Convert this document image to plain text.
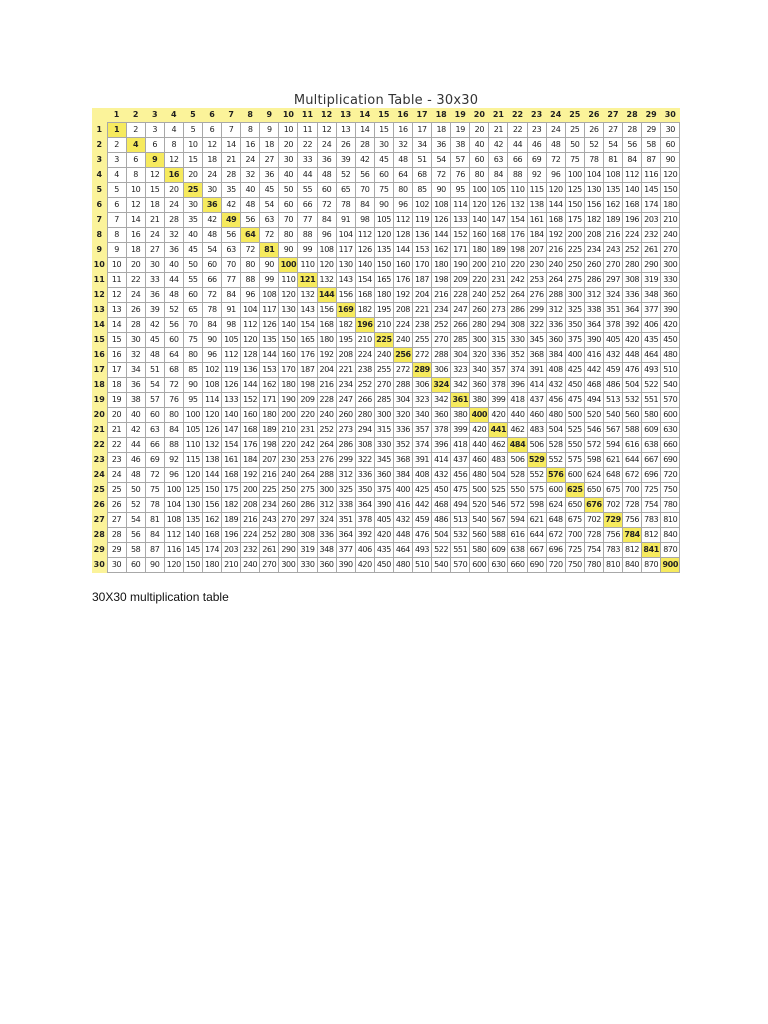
Multiplication Table - 30x30
	1	2	3	4	5	6	7	8	9	10	11	12	13	14	15	16	17	18	19	20	21	22	23	24	25	26	27	28	29	30
1	1	2	3	4	5	6	7	8	9	10	11	12	13	14	15	16	17	18	19	20	21	22	23	24	25	26	27	28	29	30
2	2	4	6	8	10	12	14	16	18	20	22	24	26	28	30	32	34	36	38	40	42	44	46	48	50	52	54	56	58	60
3	3	6	9	12	15	18	21	24	27	30	33	36	39	42	45	48	51	54	57	60	63	66	69	72	75	78	81	84	87	90
4	4	8	12	16	20	24	28	32	36	40	44	48	52	56	60	64	68	72	76	80	84	88	92	96	100	104	108	112	116	120
5	5	10	15	20	25	30	35	40	45	50	55	60	65	70	75	80	85	90	95	100	105	110	115	120	125	130	135	140	145	150
6	6	12	18	24	30	36	42	48	54	60	66	72	78	84	90	96	102	108	114	120	126	132	138	144	150	156	162	168	174	180
7	7	14	21	28	35	42	49	56	63	70	77	84	91	98	105	112	119	126	133	140	147	154	161	168	175	182	189	196	203	210
8	8	16	24	32	40	48	56	64	72	80	88	96	104	112	120	128	136	144	152	160	168	176	184	192	200	208	216	224	232	240
9	9	18	27	36	45	54	63	72	81	90	99	108	117	126	135	144	153	162	171	180	189	198	207	216	225	234	243	252	261	270
10	10	20	30	40	50	60	70	80	90	100	110	120	130	140	150	160	170	180	190	200	210	220	230	240	250	260	270	280	290	300
11	11	22	33	44	55	66	77	88	99	110	121	132	143	154	165	176	187	198	209	220	231	242	253	264	275	286	297	308	319	330
12	12	24	36	48	60	72	84	96	108	120	132	144	156	168	180	192	204	216	228	240	252	264	276	288	300	312	324	336	348	360
13	13	26	39	52	65	78	91	104	117	130	143	156	169	182	195	208	221	234	247	260	273	286	299	312	325	338	351	364	377	390
14	14	28	42	56	70	84	98	112	126	140	154	168	182	196	210	224	238	252	266	280	294	308	322	336	350	364	378	392	406	420
15	15	30	45	60	75	90	105	120	135	150	165	180	195	210	225	240	255	270	285	300	315	330	345	360	375	390	405	420	435	450
16	16	32	48	64	80	96	112	128	144	160	176	192	208	224	240	256	272	288	304	320	336	352	368	384	400	416	432	448	464	480
17	17	34	51	68	85	102	119	136	153	170	187	204	221	238	255	272	289	306	323	340	357	374	391	408	425	442	459	476	493	510
18	18	36	54	72	90	108	126	144	162	180	198	216	234	252	270	288	306	324	342	360	378	396	414	432	450	468	486	504	522	540
19	19	38	57	76	95	114	133	152	171	190	209	228	247	266	285	304	323	342	361	380	399	418	437	456	475	494	513	532	551	570
20	20	40	60	80	100	120	140	160	180	200	220	240	260	280	300	320	340	360	380	400	420	440	460	480	500	520	540	560	580	600
21	21	42	63	84	105	126	147	168	189	210	231	252	273	294	315	336	357	378	399	420	441	462	483	504	525	546	567	588	609	630
22	22	44	66	88	110	132	154	176	198	220	242	264	286	308	330	352	374	396	418	440	462	484	506	528	550	572	594	616	638	660
23	23	46	69	92	115	138	161	184	207	230	253	276	299	322	345	368	391	414	437	460	483	506	529	552	575	598	621	644	667	690
24	24	48	72	96	120	144	168	192	216	240	264	288	312	336	360	384	408	432	456	480	504	528	552	576	600	624	648	672	696	720
25	25	50	75	100	125	150	175	200	225	250	275	300	325	350	375	400	425	450	475	500	525	550	575	600	625	650	675	700	725	750
26	26	52	78	104	130	156	182	208	234	260	286	312	338	364	390	416	442	468	494	520	546	572	598	624	650	676	702	728	754	780
27	27	54	81	108	135	162	189	216	243	270	297	324	351	378	405	432	459	486	513	540	567	594	621	648	675	702	729	756	783	810
28	28	56	84	112	140	168	196	224	252	280	308	336	364	392	420	448	476	504	532	560	588	616	644	672	700	728	756	784	812	840
29	29	58	87	116	145	174	203	232	261	290	319	348	377	406	435	464	493	522	551	580	609	638	667	696	725	754	783	812	841	870
30	30	60	90	120	150	180	210	240	270	300	330	360	390	420	450	480	510	540	570	600	630	660	690	720	750	780	810	840	870	900
30X30 multiplication table
